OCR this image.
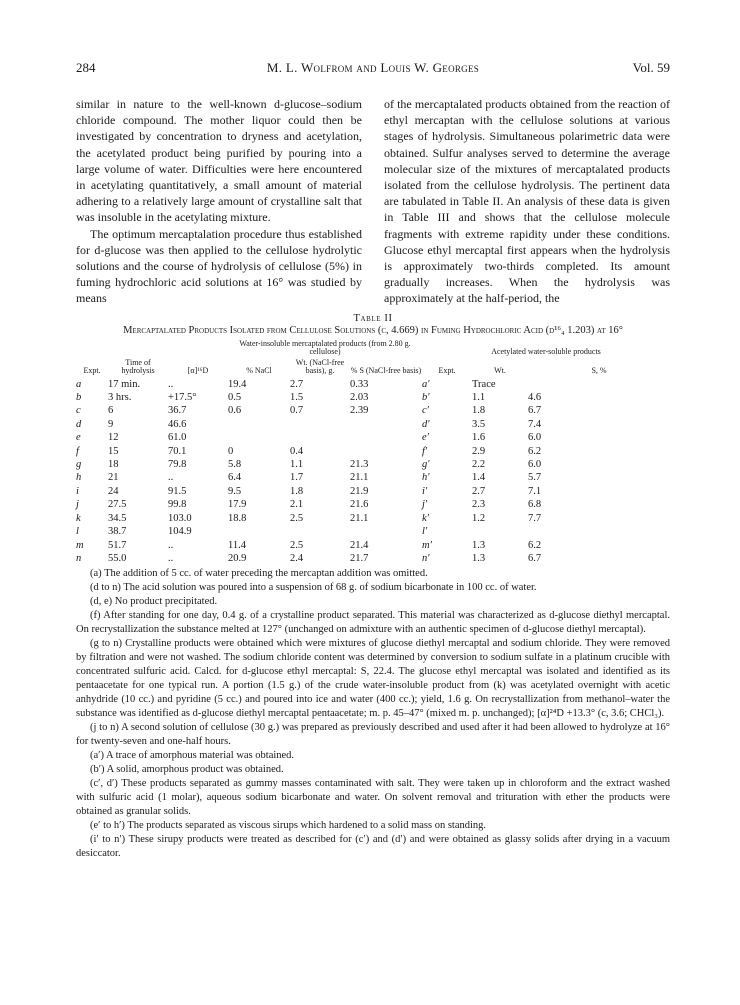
284	M. L. Wolfrom and Louis W. Georges	Vol. 59

similar in nature to the well-known d-glucose–sodium chloride compound. The mother liquor could then be investigated by concentration to dryness and acetylation, the acetylated product being purified by pouring into a large volume of water. Difficulties were here encountered in acetylating quantitatively, a small amount of material adhering to a relatively large amount of crystalline salt that was insoluble in the acetylating mixture.

The optimum mercaptalation procedure thus established for d-glucose was then applied to the cellulose hydrolytic solutions and the course of hydrolysis of cellulose (5%) in fuming hydrochloric acid solutions at 16° was studied by means

of the mercaptalated products obtained from the reaction of ethyl mercaptan with the cellulose solutions at various stages of hydrolysis. Simultaneous polarimetric data were obtained. Sulfur analyses served to determine the average molecular size of the mixtures of mercaptalated products isolated from the cellulose hydrolysis. The pertinent data are tabulated in Table II. An analysis of these data is given in Table III and shows that the cellulose molecule fragments with extreme rapidity under these conditions. Glucose ethyl mercaptal first appears when the hydrolysis is approximately two-thirds completed. Its amount gradually increases. When the hydrolysis was approximately at the half-period, the

Table II
Mercaptalated Products Isolated from Cellulose Solutions (c, 4.669) in Fuming Hydrochloric Acid (d¹⁶₄ 1.203) at 16°
			Water-insoluble mercaptalated products (from 2.80 g. cellulose)			Acetylated water-soluble products		
Expt.	Time of hydrolysis	[α]¹⁶D	% NaCl	Wt. (NaCl-free basis), g.	% S (NaCl-free basis)	Expt.	Wt.	S, %
a	17 min.	..	19.4	2.7	0.33	a′	Trace	
b	3 hrs.	+17.5°	0.5	1.5	2.03	b′	1.1	4.6
c	6	36.7	0.6	0.7	2.39	c′	1.8	6.7
d	9	46.6				d′	3.5	7.4
e	12	61.0				e′	1.6	6.0
f	15	70.1	0	0.4		f′	2.9	6.2
g	18	79.8	5.8	1.1	21.3	g′	2.2	6.0
h	21	..	6.4	1.7	21.1	h′	1.4	5.7
i	24	91.5	9.5	1.8	21.9	i′	2.7	7.1
j	27.5	99.8	17.9	2.1	21.6	j′	2.3	6.8
k	34.5	103.0	18.8	2.5	21.1	k′	1.2	7.7
l	38.7	104.9				l′		
m	51.7	..	11.4	2.5	21.4	m′	1.3	6.2
n	55.0	..	20.9	2.4	21.7	n′	1.3	6.7

(a) The addition of 5 cc. of water preceding the mercaptan addition was omitted.

(d to n) The acid solution was poured into a suspension of 68 g. of sodium bicarbonate in 100 cc. of water.

(d, e) No product precipitated.

(f) After standing for one day, 0.4 g. of a crystalline product separated. This material was characterized as d-glucose diethyl mercaptal. On recrystallization the substance melted at 127° (unchanged on admixture with an authentic specimen of d-glucose diethyl mercaptal).

(g to n) Crystalline products were obtained which were mixtures of glucose diethyl mercaptal and sodium chloride. They were removed by filtration and were not washed. The sodium chloride content was determined by conversion to sodium sulfate in a platinum crucible with concentrated sulfuric acid. Calcd. for d-glucose ethyl mercaptal: S, 22.4. The glucose ethyl mercaptal was isolated and identified as its pentaacetate for one typical run. A portion (1.5 g.) of the crude water-insoluble product from (k) was acetylated overnight with acetic anhydride (10 cc.) and pyridine (5 cc.) and poured into ice and water (400 cc.); yield, 1.6 g. On recrystallization from methanol–water the substance was identified as d-glucose diethyl mercaptal pentaacetate; m. p. 45–47° (mixed m. p. unchanged); [α]²⁴D +13.3° (c, 3.6; CHCl₃).

(j to n) A second solution of cellulose (30 g.) was prepared as previously described and used after it had been allowed to hydrolyze at 16° for twenty-seven and one-half hours.

(a′) A trace of amorphous material was obtained.

(b′) A solid, amorphous product was obtained.

(c′, d′) These products separated as gummy masses contaminated with salt. They were taken up in chloroform and the extract washed with sulfuric acid (1 molar), aqueous sodium bicarbonate and water. On solvent removal and trituration with ether the products were obtained as granular solids.

(e′ to h′) The products separated as viscous sirups which hardened to a solid mass on standing.

(i′ to n′) These sirupy products were treated as described for (c′) and (d′) and were obtained as glassy solids after drying in a vacuum desiccator.
